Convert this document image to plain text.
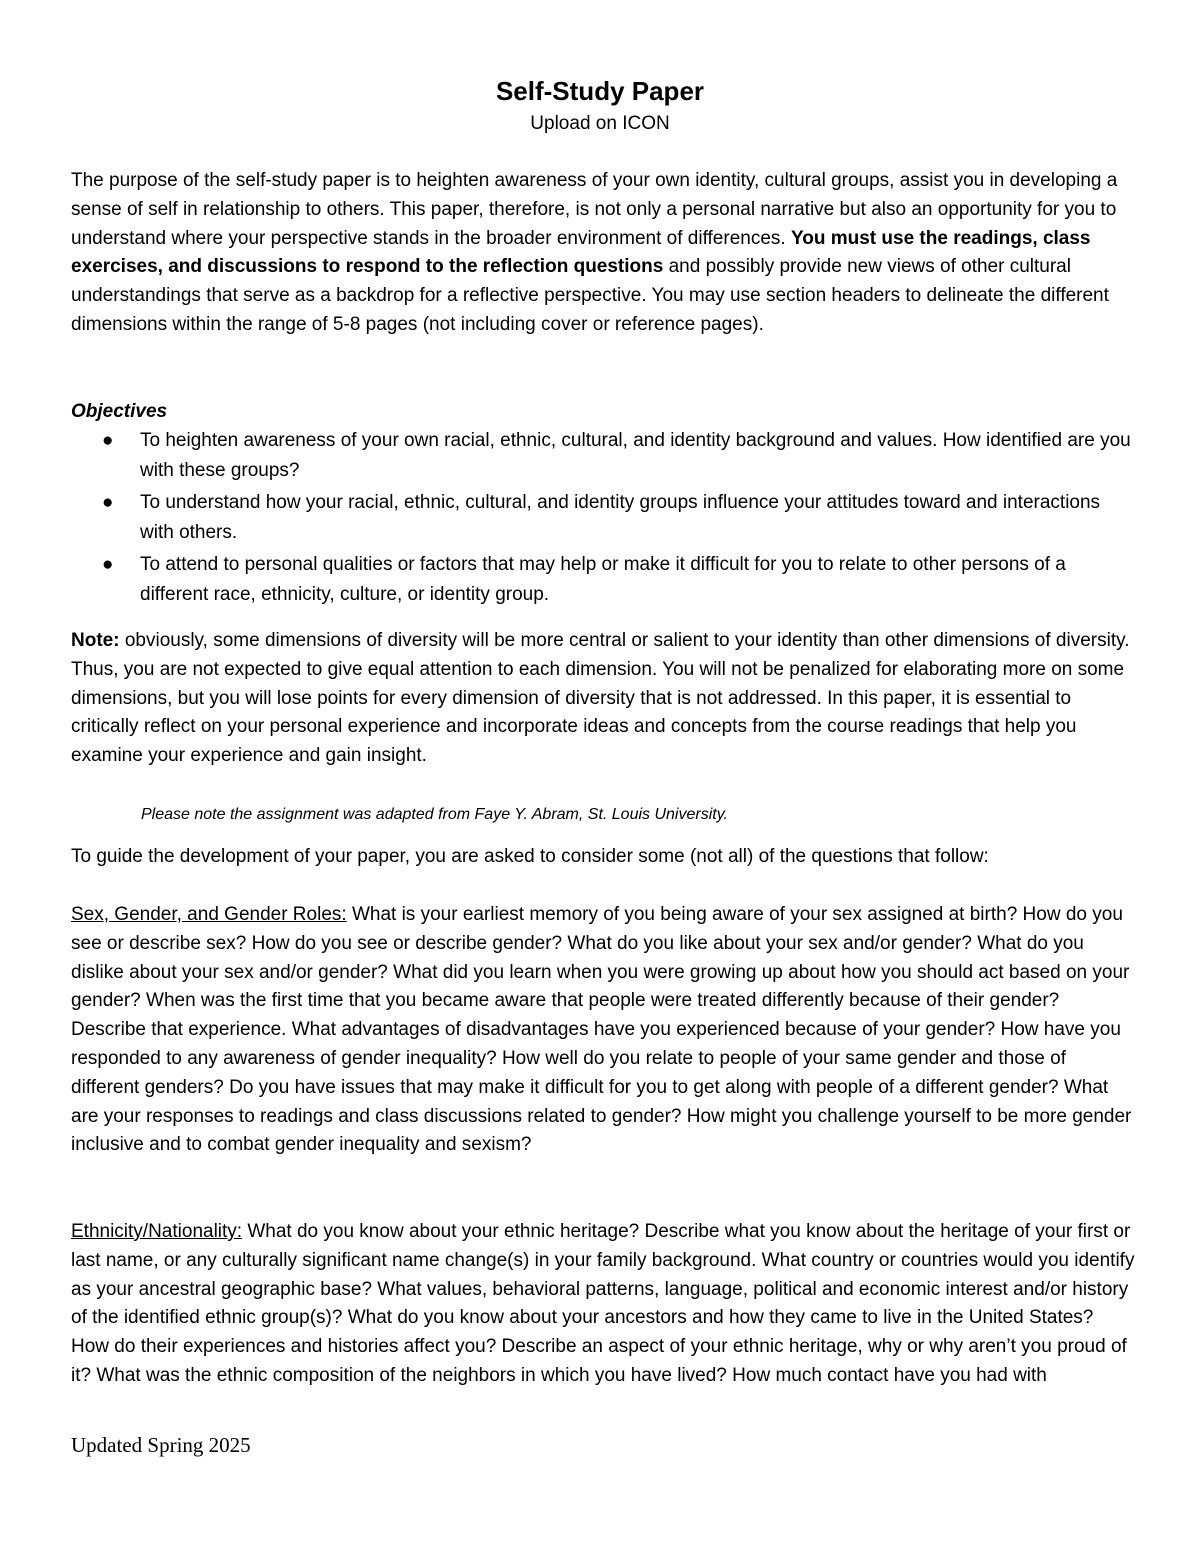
Self-Study Paper
Upload on ICON
The purpose of the self-study paper is to heighten awareness of your own identity, cultural groups, assist you in developing a sense of self in relationship to others. This paper, therefore, is not only a personal narrative but also an opportunity for you to understand where your perspective stands in the broader environment of differences. You must use the readings, class exercises, and discussions to respond to the reflection questions and possibly provide new views of other cultural understandings that serve as a backdrop for a reflective perspective. You may use section headers to delineate the different dimensions within the range of 5-8 pages (not including cover or reference pages).
Objectives
● To heighten awareness of your own racial, ethnic, cultural, and identity background and values. How identified are you with these groups?
● To understand how your racial, ethnic, cultural, and identity groups influence your attitudes toward and interactions with others.
● To attend to personal qualities or factors that may help or make it difficult for you to relate to other persons of a different race, ethnicity, culture, or identity group.
Note: obviously, some dimensions of diversity will be more central or salient to your identity than other dimensions of diversity. Thus, you are not expected to give equal attention to each dimension. You will not be penalized for elaborating more on some dimensions, but you will lose points for every dimension of diversity that is not addressed. In this paper, it is essential to critically reflect on your personal experience and incorporate ideas and concepts from the course readings that help you examine your experience and gain insight.
Please note the assignment was adapted from Faye Y. Abram, St. Louis University.
To guide the development of your paper, you are asked to consider some (not all) of the questions that follow:
Sex, Gender, and Gender Roles: What is your earliest memory of you being aware of your sex assigned at birth? How do you see or describe sex? How do you see or describe gender? What do you like about your sex and/or gender? What do you dislike about your sex and/or gender? What did you learn when you were growing up about how you should act based on your gender? When was the first time that you became aware that people were treated differently because of their gender? Describe that experience. What advantages of disadvantages have you experienced because of your gender? How have you responded to any awareness of gender inequality? How well do you relate to people of your same gender and those of different genders? Do you have issues that may make it difficult for you to get along with people of a different gender? What are your responses to readings and class discussions related to gender? How might you challenge yourself to be more gender inclusive and to combat gender inequality and sexism?
Ethnicity/Nationality: What do you know about your ethnic heritage? Describe what you know about the heritage of your first or last name, or any culturally significant name change(s) in your family background. What country or countries would you identify as your ancestral geographic base? What values, behavioral patterns, language, political and economic interest and/or history of the identified ethnic group(s)? What do you know about your ancestors and how they came to live in the United States? How do their experiences and histories affect you? Describe an aspect of your ethnic heritage, why or why aren’t you proud of it? What was the ethnic composition of the neighbors in which you have lived? How much contact have you had with
Updated Spring 2025
